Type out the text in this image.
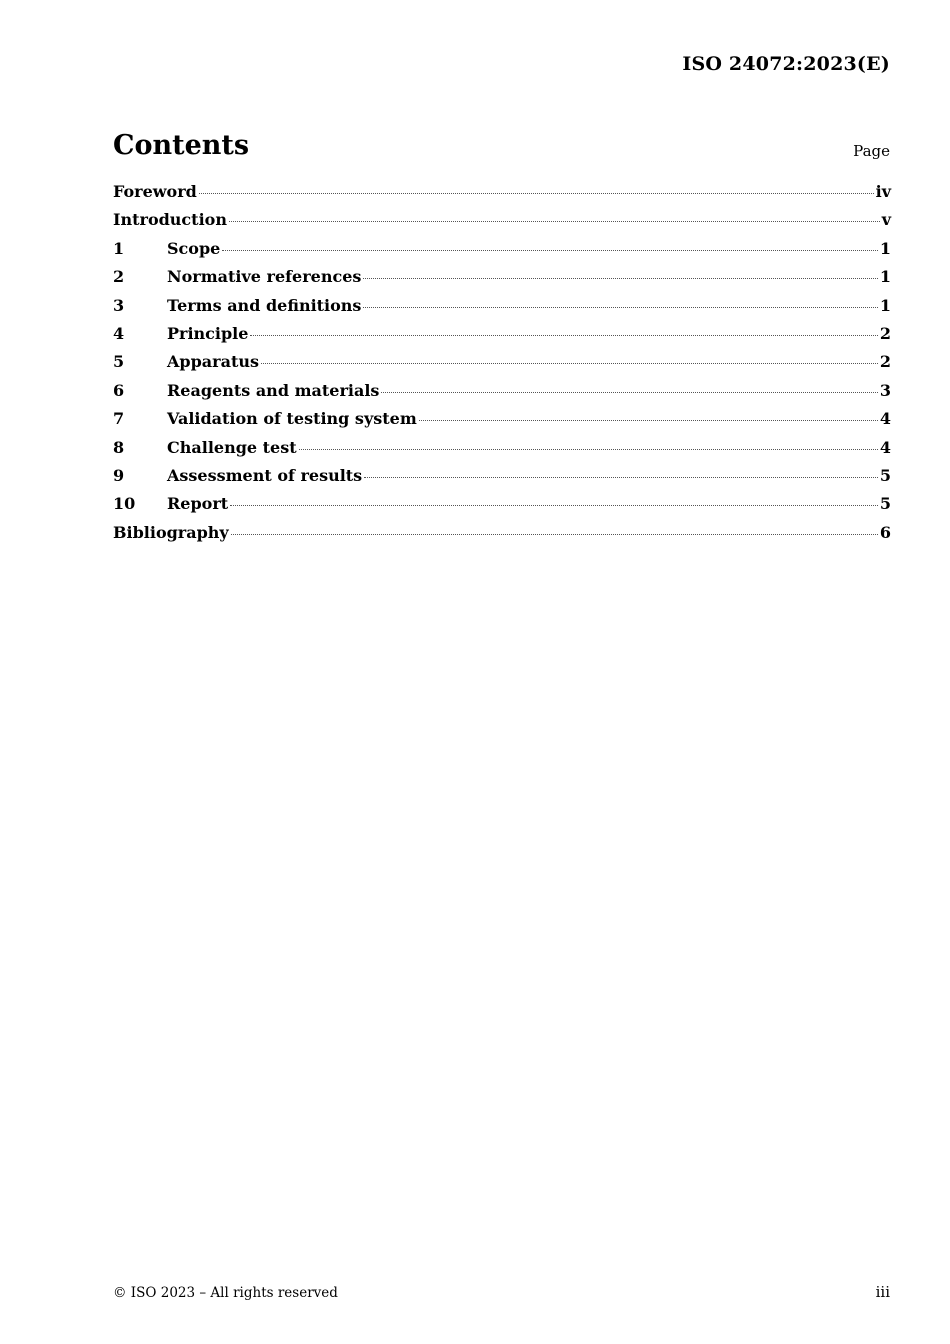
ISO 24072:2023(E)
Contents	Page
Foreword	iv
Introduction	v
1	Scope	1
2	Normative references	1
3	Terms and definitions	1
4	Principle	2
5	Apparatus	2
6	Reagents and materials	3
7	Validation of testing system	4
8	Challenge test	4
9	Assessment of results	5
10	Report	5
Bibliography	6
© ISO 2023 – All rights reserved	iii
